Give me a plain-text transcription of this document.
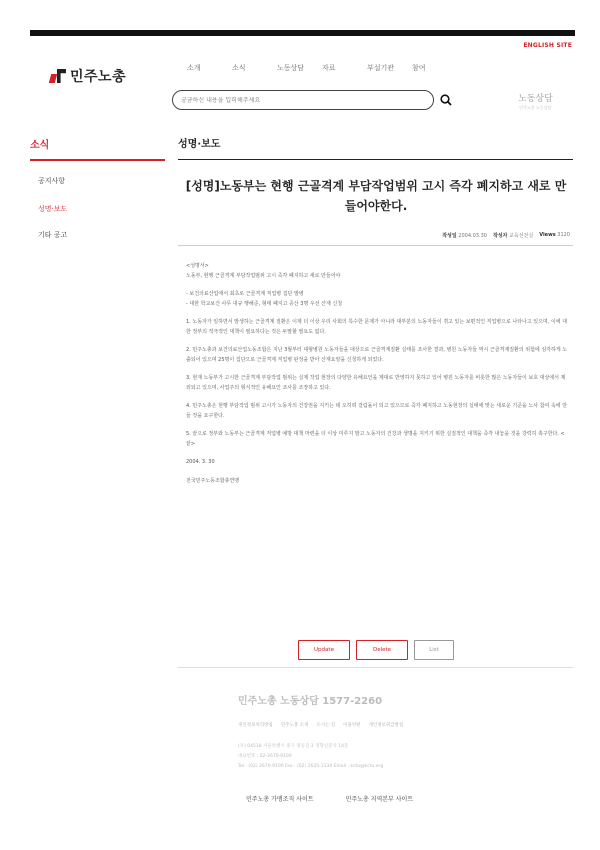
ENGLISH SITE
민주노총
소개	소식	노동상담	자료	부설기관	참여
궁금하신 내용을 입력해주세요
노동상담
민주노총 노동상담
소식
공지사항
성명·보도
기타 공고
성명·보도
[성명]노동부는 현행 근골격계 부담작업범위 고시 즉각 폐지하고 새로 만들어야한다.
작성일 2004.03.30 작성자 교육선전실 Views 3120
<성명서>

노동부, 현행 근골격계 부담작업범위 고시 즉각 폐지하고 새로 만들어야

- 보건의료산업에서 최초로 근골격계 직업병 집단 발병

- 대한 학교보건 사무 내규 행해준, 형태 폐지고 증산 3명 우선 산재 신청

1. 노동자가 일하면서 발생하는 근골격계 질환은 이제 더 이상 우리 사회의 특수한 문제가 아니라 대부분의 노동자들이 겪고 있는 보편적인 직업병으로 나타나고 있으며, 이에 대한 정부의 적극적인 대책이 필요하다는 것은 두말할 필요도 없다.

2. 민주노총과 보건의료산업노동조합은 지난 3월부터 대형병원 노동자들을 대상으로 근골격계질환 실태를 조사한 결과, 병원 노동자들 역시 근골격계질환의 위험에 심각하게 노출되어 있으며 25명이 집단으로 근골격계 직업병 판정을 받아 산재요양을 신청하게 되었다.

3. 현재 노동부가 고시한 근골격계 부담작업 범위는 실제 작업 현장의 다양한 유해요인을 제대로 반영하지 못하고 있어 병원 노동자를 비롯한 많은 노동자들이 보호 대상에서 제외되고 있으며, 사업주의 형식적인 유해요인 조사를 조장하고 있다.

4. 민주노총은 현행 부담작업 범위 고시가 노동자의 건강권을 지키는 데 오히려 걸림돌이 되고 있으므로 즉각 폐지하고 노동현장의 실태에 맞는 새로운 기준을 노사 참여 속에 만들 것을 요구한다.

5. 끝으로 정부와 노동부는 근골격계 직업병 예방 대책 마련을 더 이상 미루지 말고 노동자의 건강과 생명을 지키기 위한 실질적인 대책을 즉각 내놓을 것을 강력히 촉구한다. <끝>

2004. 3. 30

전국민주노동조합총연맹

Update	Delete	List
민주노총 노동상담 1577-2260
개인정보처리방침 민주노총 소개 오시는 길 이용약관 개인정보취급방침
(우) 04518 서울특별시 중구 정동길 3 경향신문사 14층
대표번호 : 02-2670-9100
Tel : (02) 2670-9100 Fax : (02) 2635-1134 Email : kctu@kctu.org
민주노총 가맹조직 사이트	민주노총 지역본부 사이트
